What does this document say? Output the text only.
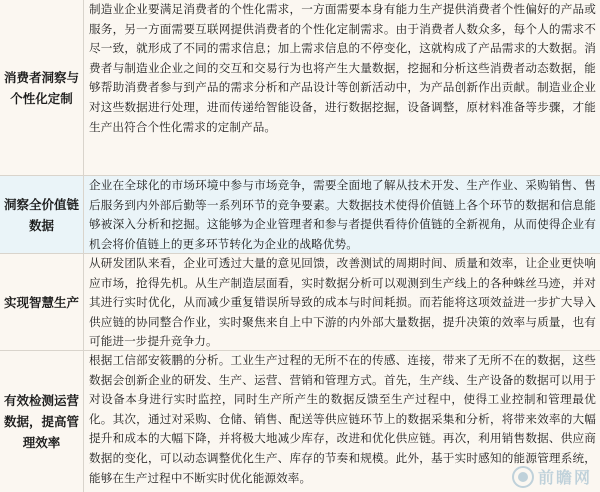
消费者洞察与个性化定制
制造业企业要满足消费者的个性化需求，一方面需要本身有能力生产提供消费者个性偏好的产品或服务，另一方面需要互联网提供消费者的个性化定制需求。由于消费者人数众多，每个人的需求不尽一致，就形成了不同的需求信息；加上需求信息的不停变化，这就构成了产品需求的大数据。消费者与制造业企业之间的交互和交易行为也将产生大量数据，挖掘和分析这些消费者动态数据，能够帮助消费者参与到产品的需求分析和产品设计等创新活动中，为产品创新作出贡献。制造业企业对这些数据进行处理，进而传递给智能设备，进行数据挖掘，设备调整，原材料准备等步骤，才能生产出符合个性化需求的定制产品。
洞察全价值链数据
企业在全球化的市场环境中参与市场竞争，需要全面地了解从技术开发、生产作业、采购销售、售后服务到内外部后勤等一系列环节的竞争要素。大数据技术使得价值链上各个环节的数据和信息能够被深入分析和挖掘。这能够为企业管理者和参与者提供看待价值链的全新视角，从而使得企业有机会将价值链上的更多环节转化为企业的战略优势。
实现智慧生产
从研发团队来看，企业可透过大量的意见回馈，改善测试的周期时间、质量和效率，让企业更快响应市场，抢得先机。从生产制造层面看，实时数据分析可以观测到生产线上的各种蛛丝马迹，并对其进行实时优化，从而减少重复错误所导致的成本与时间耗损。而若能将这项效益进一步扩大导入供应链的协同整合作业，实时聚焦来自上中下游的内外部大量数据，提升决策的效率与质量，也有可能进一步提升竞争力。
有效检测运营数据，提高管理效率
根据工信部安筱鹏的分析。工业生产过程的无所不在的传感、连接，带来了无所不在的数据，这些数据会创新企业的研发、生产、运营、营销和管理方式。首先，生产线、生产设备的数据可以用于对设备本身进行实时监控，同时生产所产生的数据反馈至生产过程中，使得工业控制和管理最优化。其次，通过对采购、仓储、销售、配送等供应链环节上的数据采集和分析，将带来效率的大幅提升和成本的大幅下降，并将极大地减少库存，改进和优化供应链。再次，利用销售数据、供应商数据的变化，可以动态调整优化生产、库存的节奏和规模。此外，基于实时感知的能源管理系统，能够在生产过程中不断实时优化能源效率。	前瞻网
